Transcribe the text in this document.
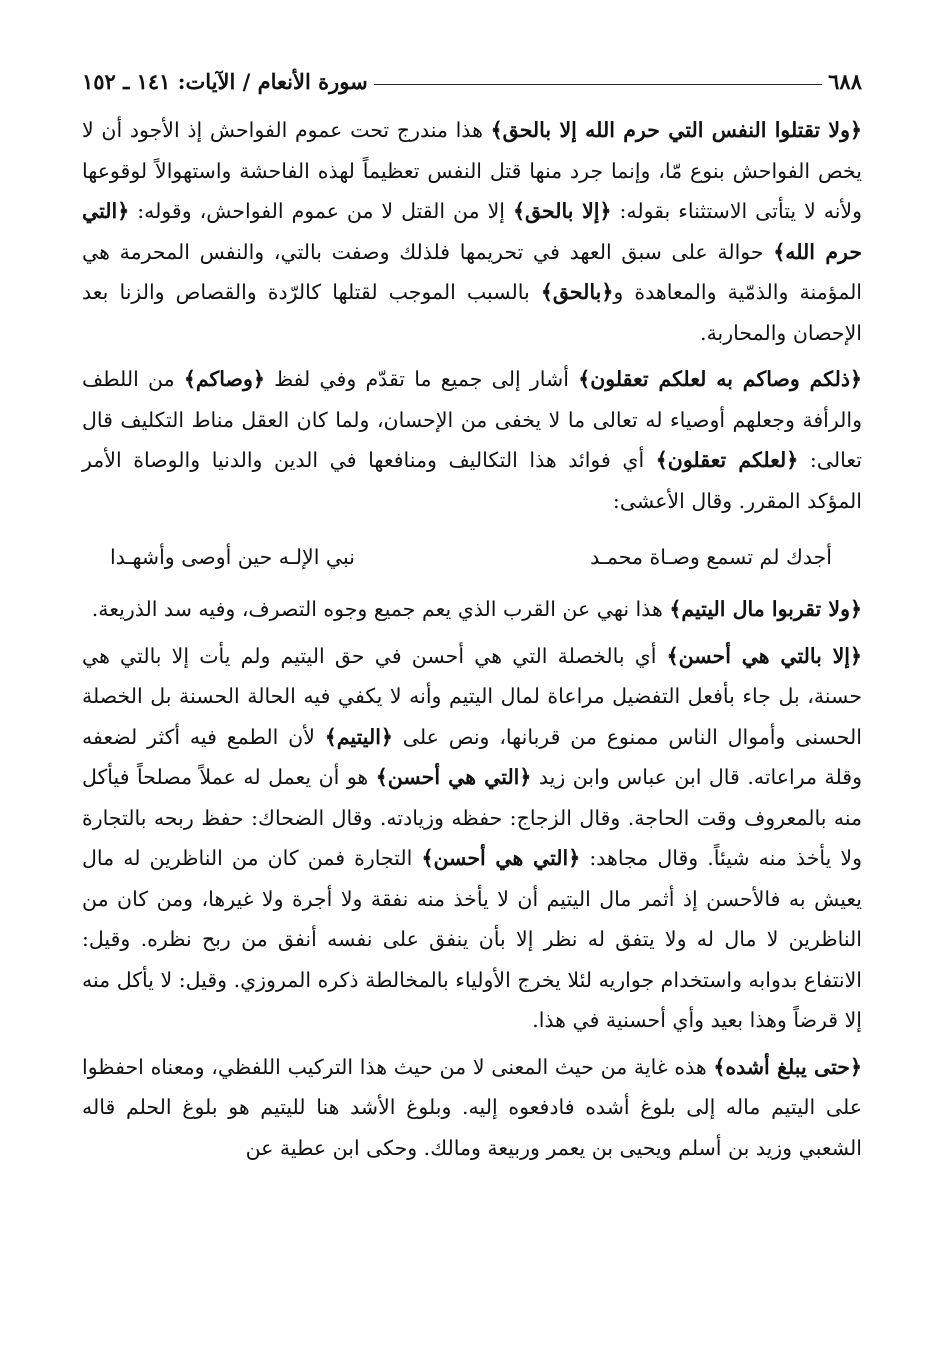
٦٨٨
سورة الأنعام / الآيات: ١٤١ ـ ١٥٢

﴿ولا تقتلوا النفس التي حرم الله إلا بالحق﴾ هذا مندرج تحت عموم الفواحش إذ الأجود أن لا يخص الفواحش بنوع مّا، وإنما جرد منها قتل النفس تعظيماً لهذه الفاحشة واستهوالاً لوقوعها ولأنه لا يتأتى الاستثناء بقوله: ﴿إلا بالحق﴾ إلا من القتل لا من عموم الفواحش، وقوله: ﴿التي حرم الله﴾ حوالة على سبق العهد في تحريمها فلذلك وصفت بالتي، والنفس المحرمة هي المؤمنة والذمّية والمعاهدة و﴿بالحق﴾ بالسبب الموجب لقتلها كالرّدة والقصاص والزنا بعد الإحصان والمحاربة.

﴿ذلكم وصاكم به لعلكم تعقلون﴾ أشار إلى جميع ما تقدّم وفي لفظ ﴿وصاكم﴾ من اللطف والرأفة وجعلهم أوصياء له تعالى ما لا يخفى من الإحسان، ولما كان العقل مناط التكليف قال تعالى: ﴿لعلكم تعقلون﴾ أي فوائد هذا التكاليف ومنافعها في الدين والدنيا والوصاة الأمر المؤكد المقرر. وقال الأعشى:

أجدك لم تسمع وصـاة محمـد
نبي الإلـه حين أوصى وأشهـدا

﴿ولا تقربوا مال اليتيم﴾ هذا نهي عن القرب الذي يعم جميع وجوه التصرف، وفيه سد الذريعة.

﴿إلا بالتي هي أحسن﴾ أي بالخصلة التي هي أحسن في حق اليتيم ولم يأت إلا بالتي هي حسنة، بل جاء بأفعل التفضيل مراعاة لمال اليتيم وأنه لا يكفي فيه الحالة الحسنة بل الخصلة الحسنى وأموال الناس ممنوع من قربانها، ونص على ﴿اليتيم﴾ لأن الطمع فيه أكثر لضعفه وقلة مراعاته. قال ابن عباس وابن زيد ﴿التي هي أحسن﴾ هو أن يعمل له عملاً مصلحاً فيأكل منه بالمعروف وقت الحاجة. وقال الزجاج: حفظه وزيادته. وقال الضحاك: حفظ ربحه بالتجارة ولا يأخذ منه شيئاً. وقال مجاهد: ﴿التي هي أحسن﴾ التجارة فمن كان من الناظرين له مال يعيش به فالأحسن إذ أثمر مال اليتيم أن لا يأخذ منه نفقة ولا أجرة ولا غيرها، ومن كان من الناظرين لا مال له ولا يتفق له نظر إلا بأن ينفق على نفسه أنفق من ربح نظره. وقيل: الانتفاع بدوابه واستخدام جواريه لئلا يخرج الأولياء بالمخالطة ذكره المروزي. وقيل: لا يأكل منه إلا قرضاً وهذا بعيد وأي أحسنية في هذا.

﴿حتى يبلغ أشده﴾ هذه غاية من حيث المعنى لا من حيث هذا التركيب اللفظي، ومعناه احفظوا على اليتيم ماله إلى بلوغ أشده فادفعوه إليه. وبلوغ الأشد هنا لليتيم هو بلوغ الحلم قاله الشعبي وزيد بن أسلم ويحيى بن يعمر وربيعة ومالك. وحكى ابن عطية عن
